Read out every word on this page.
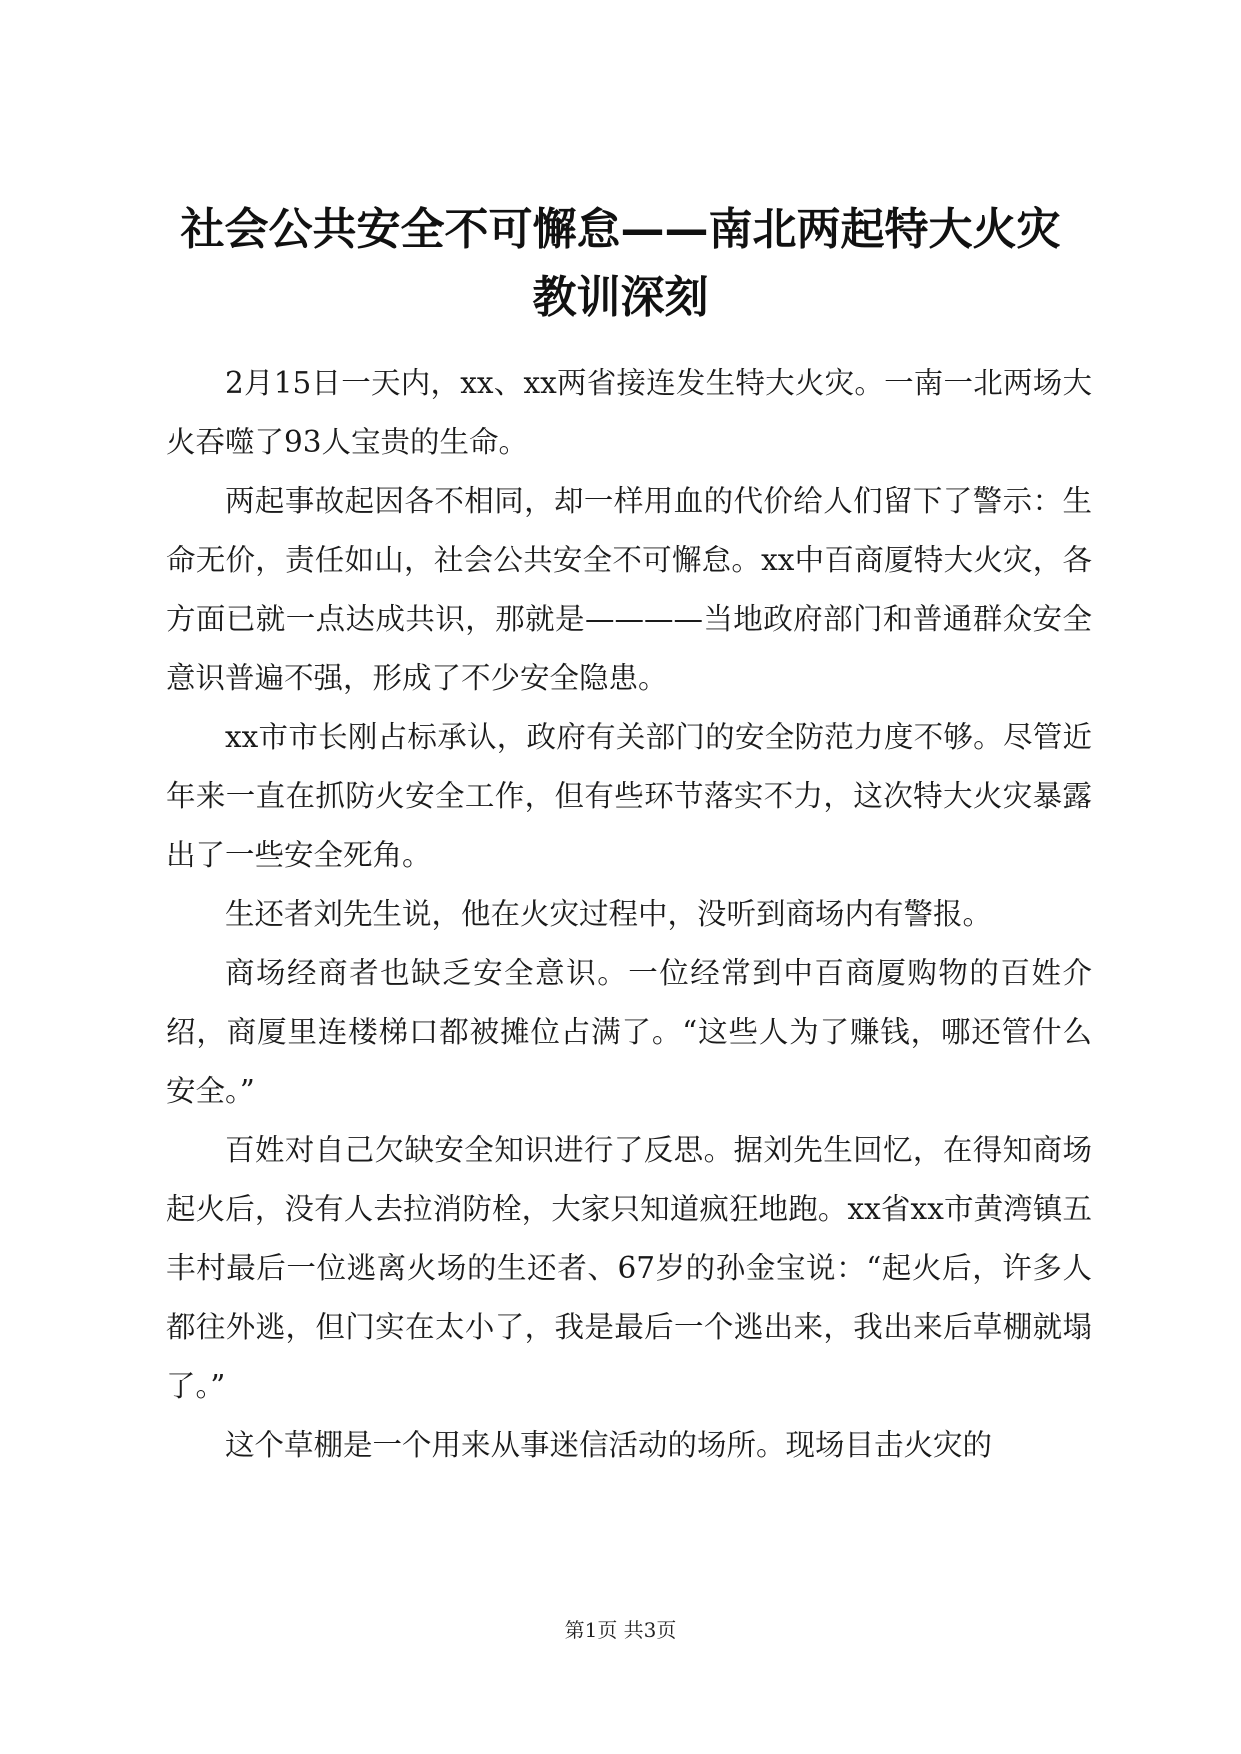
社会公共安全不可懈怠——南北两起特大火灾
教训深刻

2月15日一天内，xx、xx两省接连发生特大火灾。一南一北两场大火吞噬了93人宝贵的生命。

两起事故起因各不相同，却一样用血的代价给人们留下了警示：生命无价，责任如山，社会公共安全不可懈怠。xx中百商厦特大火灾，各方面已就一点达成共识，那就是————当地政府部门和普通群众安全意识普遍不强，形成了不少安全隐患。

xx市市长刚占标承认，政府有关部门的安全防范力度不够。尽管近年来一直在抓防火安全工作，但有些环节落实不力，这次特大火灾暴露出了一些安全死角。

生还者刘先生说，他在火灾过程中，没听到商场内有警报。

商场经商者也缺乏安全意识。一位经常到中百商厦购物的百姓介绍，商厦里连楼梯口都被摊位占满了。“这些人为了赚钱，哪还管什么安全。”

百姓对自己欠缺安全知识进行了反思。据刘先生回忆，在得知商场起火后，没有人去拉消防栓，大家只知道疯狂地跑。xx省xx市黄湾镇五丰村最后一位逃离火场的生还者、67岁的孙金宝说：“起火后，许多人都往外逃，但门实在太小了，我是最后一个逃出来，我出来后草棚就塌了。”

这个草棚是一个用来从事迷信活动的场所。现场目击火灾的

第1页 共3页
